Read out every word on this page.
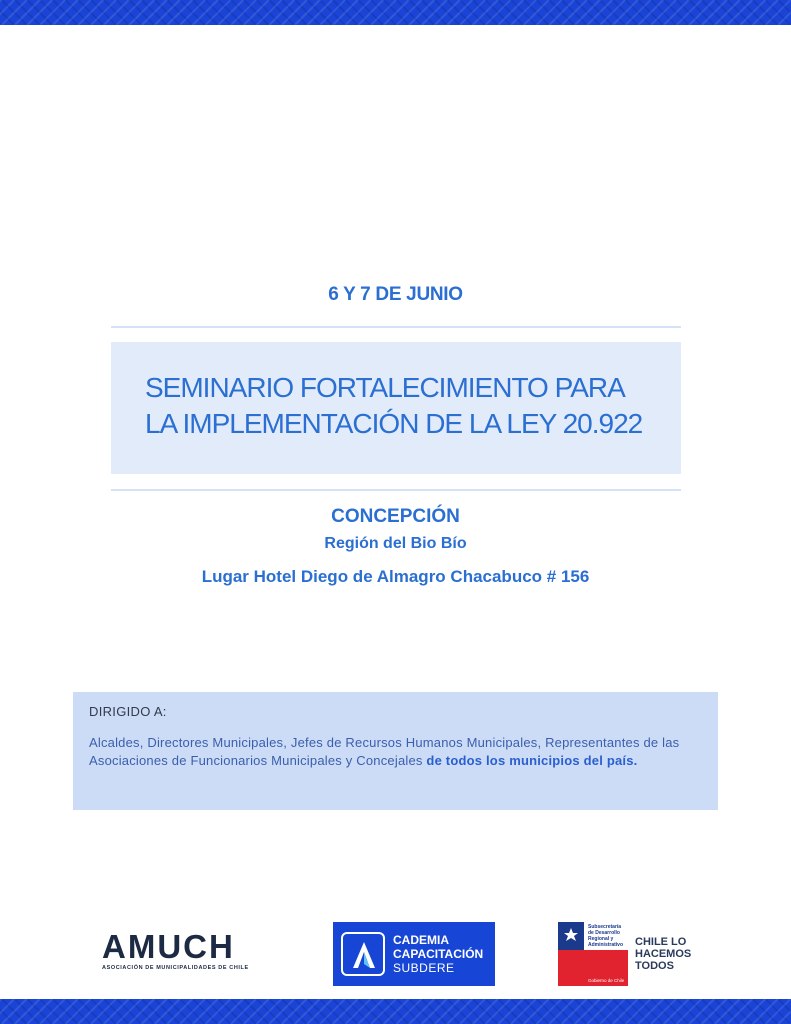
6 Y 7 DE JUNIO
SEMINARIO FORTALECIMIENTO PARA
LA IMPLEMENTACIÓN DE LA LEY 20.922
CONCEPCIÓN
Región del Bio Bío
Lugar Hotel Diego de Almagro Chacabuco # 156
DIRIGIDO A:
Alcaldes, Directores Municipales, Jefes de Recursos Humanos Municipales, Representantes de las Asociaciones de Funcionarios Municipales y Concejales de todos los municipios del país.
AMUCH
ASOCIACIÓN DE MUNICIPALIDADES DE CHILE
CADEMIA
CAPACITACIÓN
SUBDERE
Subsecretaría de Desarrollo Regional y Administrativo
Gobierno de Chile
CHILE LO
HACEMOS
TODOS
